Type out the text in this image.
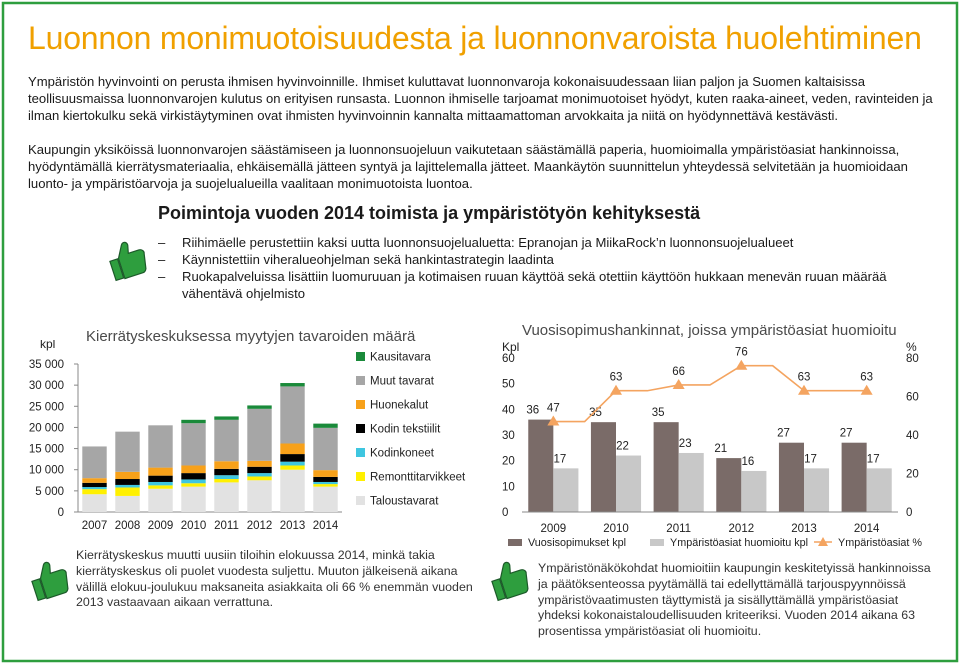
Luonnon monimuotoisuudesta ja luonnonvaroista huolehtiminen

Ympäristön hyvinvointi on perusta ihmisen hyvinvoinnille. Ihmiset kuluttavat luonnonvaroja kokonaisuudessaan liian paljon ja Suomen kaltaisissa teollisuusmaissa luonnonvarojen kulutus on erityisen runsasta. Luonnon ihmiselle tarjoamat monimuotoiset hyödyt, kuten raaka-aineet, veden, ravinteiden ja ilman kiertokulku sekä virkistäytyminen ovat ihmisten hyvinvoinnin kannalta mittaamattoman arvokkaita ja niitä on hyödynnettävä kestävästi.

Kaupungin yksiköissä luonnonvarojen säästämiseen ja luonnonsuojeluun vaikutetaan säästämällä paperia, huomioimalla ympäristöasiat hankinnoissa, hyödyntämällä kierrätysmateriaalia, ehkäisemällä jätteen syntyä ja lajittelemalla jätteet. Maankäytön suunnittelun yhteydessä selvitetään ja huomioidaan luonto- ja ympäristöarvoja ja suojelualueilla vaalitaan monimuotoista luontoa.

Poimintoja vuoden 2014 toimista ja ympäristötyön kehityksestä
– Riihimäelle perustettiin kaksi uutta luonnonsuojelualuetta: Epranojan ja MiikaRock’n luonnonsuojelualueet
– Käynnistettiin viheralueohjelman sekä hankintastrategin laadinta
– Ruokapalveluissa lisättiin luomuruuan ja kotimaisen ruuan käyttöä sekä otettiin käyttöön hukkaan menevän ruuan määrää vähentävä ohjelmisto
Kierrätyskeskuksessa myytyjen tavaroiden määrä
kpl
0
5 000
10 000
15 000
20 000
25 000
30 000
35 000
2007 2008 2009 2010 2011 2012 2013 2014
Kausitavara
Muut tavarat
Huonekalut
Kodin tekstiilit
Kodinkoneet
Remonttitarvikkeet
Taloustavarat
Vuosisopimushankinnat, joissa ympäristöasiat huomioitu
Kpl	%
0
10
20
30
40
50
60
0
20
40
60
80
36
17
2009
35
22
2010
35
23
2011
21
16
2012
27
17
2013
27
17
2014
47
63	66
76
63	63
Vuosisopimukset kpl	Ympäristöasiat huomioitu kpl	Ympäristöasiat %

Kierrätyskeskus muutti uusiin tiloihin elokuussa 2014, minkä takia kierrätyskeskus oli puolet vuodesta suljettu. Muuton jälkeisenä aikana välillä elokuu-joulukuu maksaneita asiakkaita oli 66 % enemmän vuoden 2013 vastaavaan aikaan verrattuna.

Ympäristönäkökohdat huomioitiin kaupungin keskitetyissä hankinnoissa ja päätöksenteossa pyytämällä tai edellyttämällä tarjouspyynnöissä ympäristövaatimusten täyttymistä ja sisällyttämällä ympäristöasiat yhdeksi kokonaistaloudellisuuden kriteeriksi. Vuoden 2014 aikana 63 prosentissa ympäristöasiat oli huomioitu.
